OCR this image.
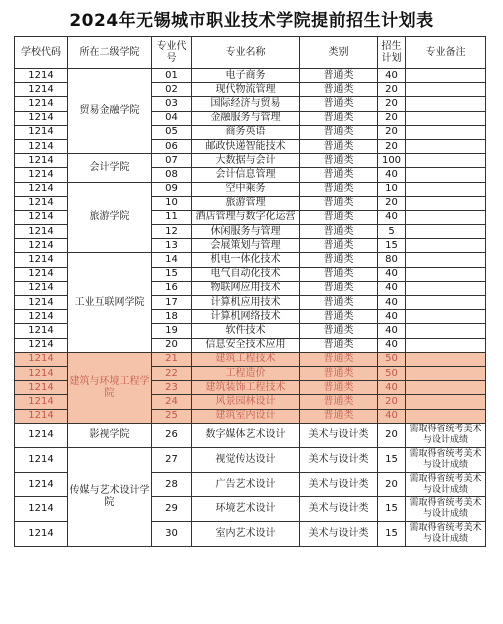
2024年无锡城市职业技术学院提前招生计划表
学校代码	所在二级学院	专业代号	专业名称	类别	招生计划	专业备注
1214	贸易金融学院	01	电子商务	普通类	40	
1214		02	现代物流管理	普通类	20	
1214		03	国际经济与贸易	普通类	20	
1214		04	金融服务与管理	普通类	20	
1214		05	商务英语	普通类	20	
1214		06	邮政快递智能技术	普通类	20	
1214	会计学院	07	大数据与会计	普通类	100	
1214		08	会计信息管理	普通类	40	
1214	旅游学院	09	空中乘务	普通类	10	
1214		10	旅游管理	普通类	20	
1214		11	酒店管理与数字化运营	普通类	40	
1214		12	休闲服务与管理	普通类	5	
1214		13	会展策划与管理	普通类	15	
1214	工业互联网学院	14	机电一体化技术	普通类	80	
1214		15	电气自动化技术	普通类	40	
1214		16	物联网应用技术	普通类	40	
1214		17	计算机应用技术	普通类	40	
1214		18	计算机网络技术	普通类	40	
1214		19	软件技术	普通类	40	
1214		20	信息安全技术应用	普通类	40	
1214	建筑与环境工程学院	21	建筑工程技术	普通类	50	
1214		22	工程造价	普通类	50	
1214		23	建筑装饰工程技术	普通类	40	
1214		24	风景园林设计	普通类	20	
1214		25	建筑室内设计	普通类	40	
1214	影视学院	26	数字媒体艺术设计	美术与设计类	20	需取得省统考美术与设计成绩
1214	传媒与艺术设计学院	27	视觉传达设计	美术与设计类	15	需取得省统考美术与设计成绩
1214		28	广告艺术设计	美术与设计类	20	需取得省统考美术与设计成绩
1214		29	环境艺术设计	美术与设计类	15	需取得省统考美术与设计成绩
1214		30	室内艺术设计	美术与设计类	15	需取得省统考美术与设计成绩
